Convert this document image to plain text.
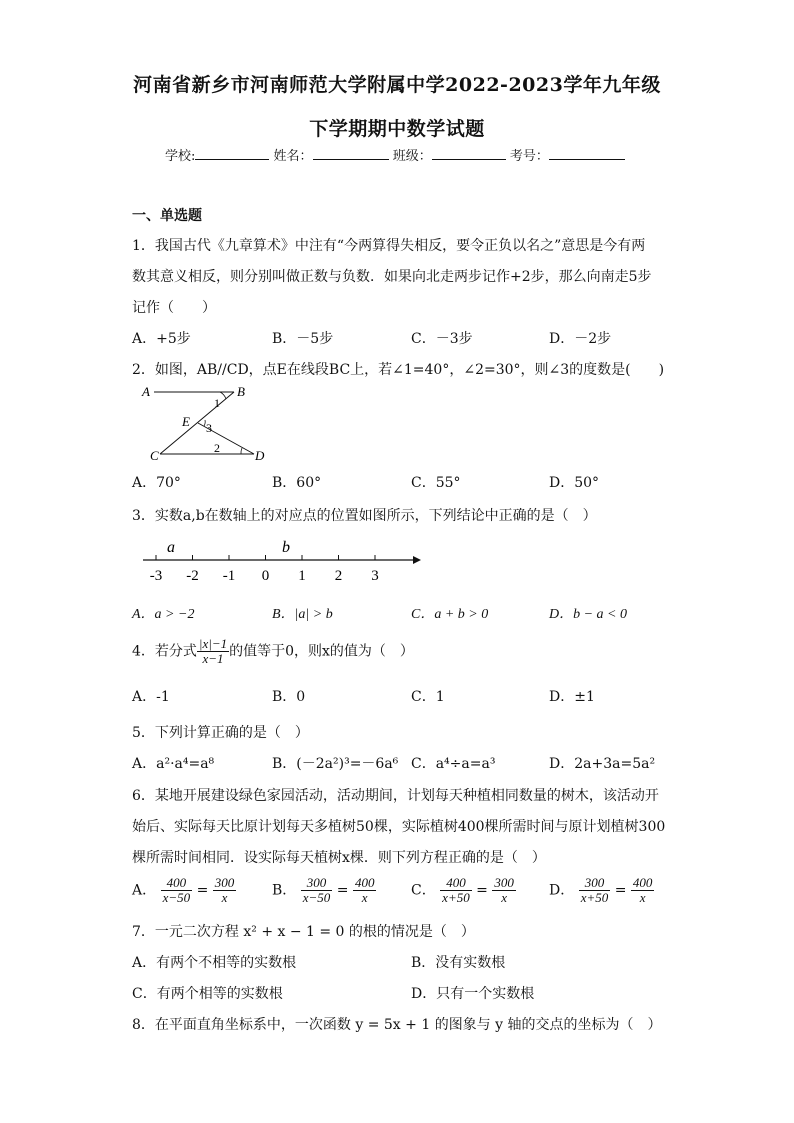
河南省新乡市河南师范大学附属中学2022-2023学年九年级
下学期期中数学试题
学校:	姓名：	班级：	考号：
一、单选题
1．我国古代《九章算术》中注有“今两算得失相反，要令正负以名之”意思是今有两
数其意义相反，则分别叫做正数与负数．如果向北走两步记作+2步，那么向南走5步
记作（　　）
A．+5步	B．－5步	C．－3步	D．－2步
2．如图，AB//CD，点E在线段BC上，若∠1=40°，∠2=30°，则∠3的度数是(　　)
A	B
C	D
E
1
3
2
A．70°	B．60°	C．55°	D．50°
3．实数a,b在数轴上的对应点的位置如图所示，下列结论中正确的是（　）
-3 -2 -1 0 1 2 3
a	b
A．a > −2	B．|a| > b	C．a + b > 0	D．b − a < 0
4．若分式 $\frac{|x|-1}{x-1}$ 的值等于0，则x的值为（　）
A．-1	B．0	C．1	D．±1
5．下列计算正确的是（　）
A．a²·a⁴=a⁸	B．(－2a²)³=－6a⁶ C．a⁴÷a=a³	D．2a+3a=5a²
6．某地开展建设绿色家园活动，活动期间，计划每天种植相同数量的树木，该活动开
始后、实际每天比原计划每天多植树50棵，实际植树400棵所需时间与原计划植树300
棵所需时间相同．设实际每天植树x棵．则下列方程正确的是（　）
A． $\frac{400}{x-50} = \frac{300}{x}$	B． $\frac{300}{x-50} = \frac{400}{x}$ C． $\frac{400}{x+50} = \frac{300}{x}$ D． $\frac{300}{x+50} = \frac{400}{x}$
7．一元二次方程 x² + x − 1 = 0 的根的情况是（　）
A．有两个不相等的实数根	B．没有实数根
C．有两个相等的实数根	D．只有一个实数根
8．在平面直角坐标系中，一次函数 y = 5x + 1 的图象与 y 轴的交点的坐标为（　）
